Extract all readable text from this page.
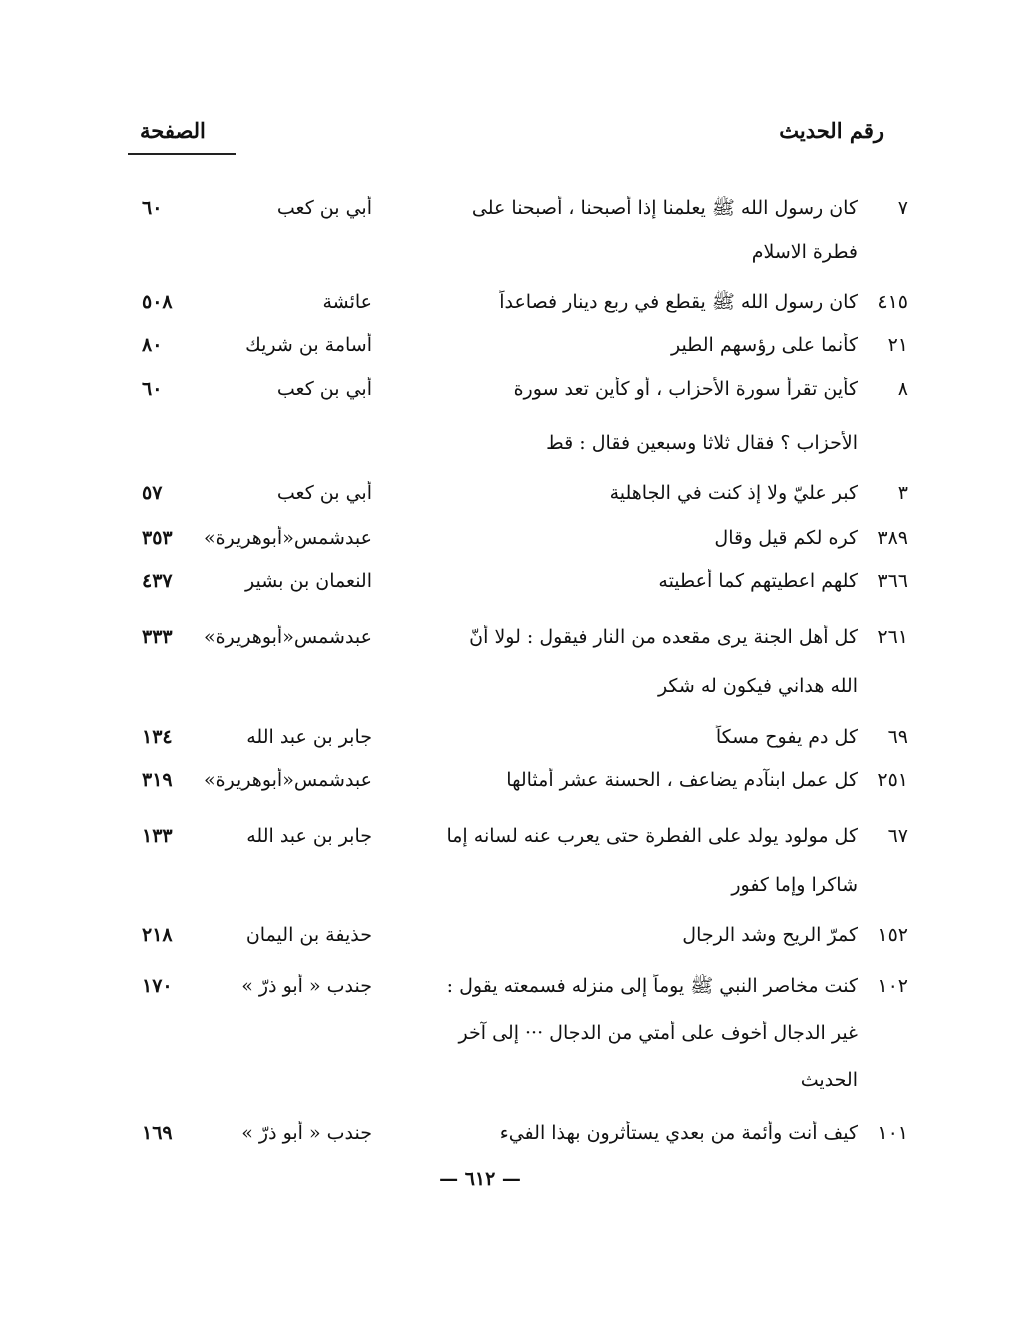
رقم الحديث
الصفحة
٧
كان رسول الله ﷺ يعلمنا إذا أصبحنا ، أصبحنا على
أبي بن كعب
٦٠
فطرة الاسلام
٤١٥
كان رسول الله ﷺ يقطع في ربع دينار فصاعداً
عائشة
٥٠٨
٢١
كأنما على رؤسهم الطير
أسامة بن شريك
٨٠
٨
كأين تقرأ سورة الأحزاب ، أو كأين تعد سورة
أبي بن كعب
٦٠
الأحزاب ؟ فقال ثلاثا وسبعين فقال : قط
٣
كبر عليّ ولا إذ كنت في الجاهلية
أبي بن كعب
٥٧
٣٨٩
كره لكم قيل وقال
عبدشمس«أبوهريرة»
٣٥٣
٣٦٦
كلهم اعطيتهم كما أعطيته
النعمان بن بشير
٤٣٧
٢٦١
كل أهل الجنة يرى مقعده من النار فيقول : لولا أنّ
عبدشمس«أبوهريرة»
٣٣٣
الله هداني فيكون له شكر
٦٩
كل دم يفوح مسكاً
جابر بن عبد الله
١٣٤
٢٥١
كل عمل ابنآدم يضاعف ، الحسنة عشر أمثالها
عبدشمس«أبوهريرة»
٣١٩
٦٧
كل مولود يولد على الفطرة حتى يعرب عنه لسانه إما
جابر بن عبد الله
١٣٣
شاكرا وإما كفور
١٥٢
كمرّ الريح وشد الرجال
حذيفة بن اليمان
٢١٨
١٠٢
كنت مخاصر النبي ﷺ يوماً إلى منزله فسمعته يقول :
جندب « أبو ذرّ »
١٧٠
غير الدجال أخوف على أمتي من الدجال ··· إلى آخر
الحديث
١٠١
كيف أنت وأئمة من بعدي يستأثرون بهذا الفيء
جندب « أبو ذرّ »
١٦٩
— ٦١٢ —
